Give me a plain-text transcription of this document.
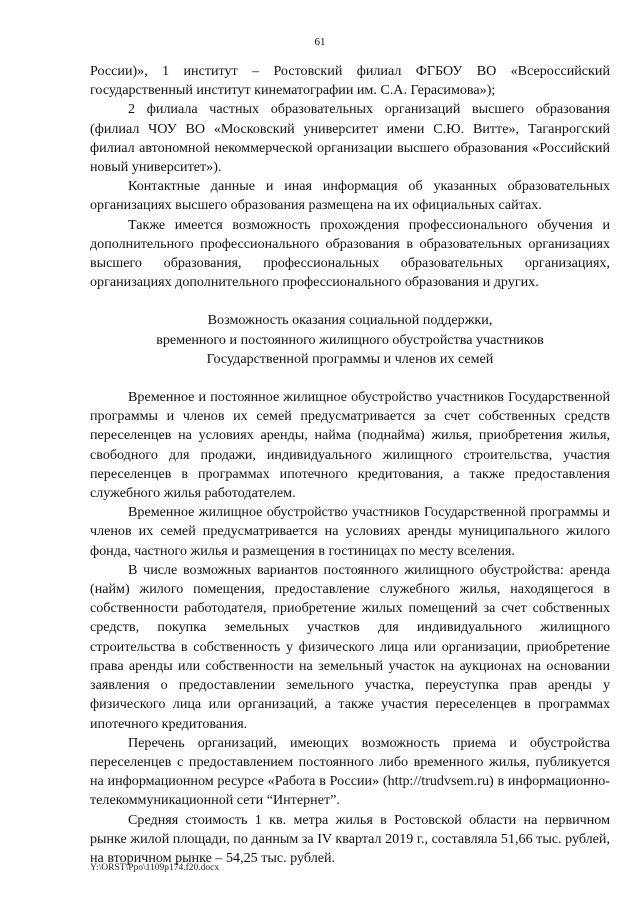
61

России)», 1 институт – Ростовский филиал ФГБОУ ВО «Всероссийский государственный институт кинематографии им. С.А. Герасимова»);

2 филиала частных образовательных организаций высшего образования (филиал ЧОУ ВО «Московский университет имени С.Ю. Витте», Таганрогский филиал автономной некоммерческой организации высшего образования «Российский новый университет»).

Контактные данные и иная информация об указанных образовательных организациях высшего образования размещена на их официальных сайтах.

Также имеется возможность прохождения профессионального обучения и дополнительного профессионального образования в образовательных организациях высшего образования, профессиональных образовательных организациях, организациях дополнительного профессионального образования и других.

Возможность оказания социальной поддержки,
временного и постоянного жилищного обустройства участников
Государственной программы и членов их семей

Временное и постоянное жилищное обустройство участников Государственной программы и членов их семей предусматривается за счет собственных средств переселенцев на условиях аренды, найма (поднайма) жилья, приобретения жилья, свободного для продажи, индивидуального жилищного строительства, участия переселенцев в программах ипотечного кредитования, а также предоставления служебного жилья работодателем.

Временное жилищное обустройство участников Государственной программы и членов их семей предусматривается на условиях аренды муниципального жилого фонда, частного жилья и размещения в гостиницах по месту вселения.

В числе возможных вариантов постоянного жилищного обустройства: аренда (найм) жилого помещения, предоставление служебного жилья, находящегося в собственности работодателя, приобретение жилых помещений за счет собственных средств, покупка земельных участков для индивидуального жилищного строительства в собственность у физического лица или организации, приобретение права аренды или собственности на земельный участок на аукционах на основании заявления о предоставлении земельного участка, переуступка прав аренды у физического лица или организаций, а также участия переселенцев в программах ипотечного кредитования.

Перечень организаций, имеющих возможность приема и обустройства переселенцев с предоставлением постоянного либо временного жилья, публикуется на информационном ресурсе «Работа в России» (http://trudvsem.ru) в информационно-телекоммуникационной сети “Интернет”.

Средняя стоимость 1 кв. метра жилья в Ростовской области на первичном рынке жилой площади, по данным за IV квартал 2019 г., составляла 51,66 тыс. рублей, на вторичном рынке – 54,25 тыс. рублей.

Y:\ORST\Ppo\1109p174.f20.docx
